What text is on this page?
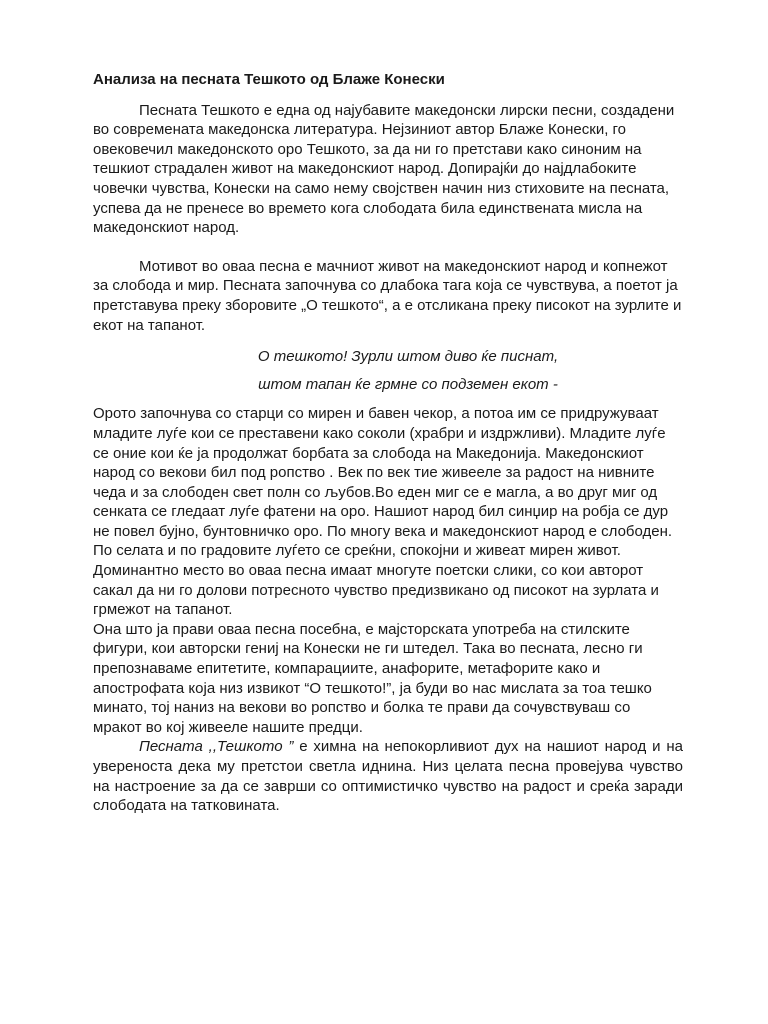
Анализа на песната Тешкото од Блаже Конески

Песната Тешкото е една од најубавите македонски лирски песни, создадени во современата македонска литература. Нејзиниот автор Блаже Конески, го овековечил македонското оро Тешкото, за да ни го претстави како синоним на тешкиот страдален живот на македонскиот народ. Допирајќи до најдлабоките човечки чувства, Конески на само нему својствен начин низ стиховите на песната, успева да не пренесе во времето кога слободата била единствената мисла на македонскиот народ.

Мотивот во оваа песна е мачниот живот на македонскиот народ и копнежот за слобода и мир. Песната започнува со длабока тага која се чувствува, а поетот ја претставува преку зборовите „О тешкото“, а е отсликана преку писокот на зурлите и екот на тапанот.

О тешкото! Зурли штом диво ќе писнат,

штом тапан ќе грмне со подземен екот -

Орото започнува со старци со мирен и бавен чекор, а потоа им се придружуваат младите луѓе кои се преставени како соколи (храбри и издржливи). Младите луѓе се оние кои ќе ја продолжат борбата за слобода на Македонија. Македонскиот народ со векови бил под ропство . Век по век тие живееле за радост на нивните чеда и за слободен свет полн со љубов.Во еден миг се е магла, а во друг миг од сенката се гледаат луѓе фатени на оро. Нашиот народ бил синџир на робја се дур не повел бујно, бунтовничко оро. По многу века и македонскиот народ е слободен. По селата и по градовите луѓето се среќни, спокојни и живеат мирен живот.

Доминантно место во оваа песна имаат многуте поетски слики, со кои авторот сакал да ни го долови потресното чувство предизвикано од писокот на зурлата и грмежот на тапанот.

Она што ја прави оваа песна посебна, е мајсторската употреба на стилските фигури, кои авторски гениј на Конески не ги штедел. Така во песната, лесно ги препознаваме епитетите, компарациите, анафорите, метафорите како и апострофата која низ извикот “О тешкото!”, ја буди во нас мислата за тоа тешко минато, тој наниз на векови во ропство и болка те прави да сочувствуваш со мракот во кој живееле нашите предци.

Песната ,,Тешкото ” е химна на непокорливиот дух на нашиот народ и на увереноста дека му претстои светла иднина. Низ целата песна провејува чувство на настроение за да се заврши со оптимистичко чувство на радост и среќа заради слободата на татковината.
